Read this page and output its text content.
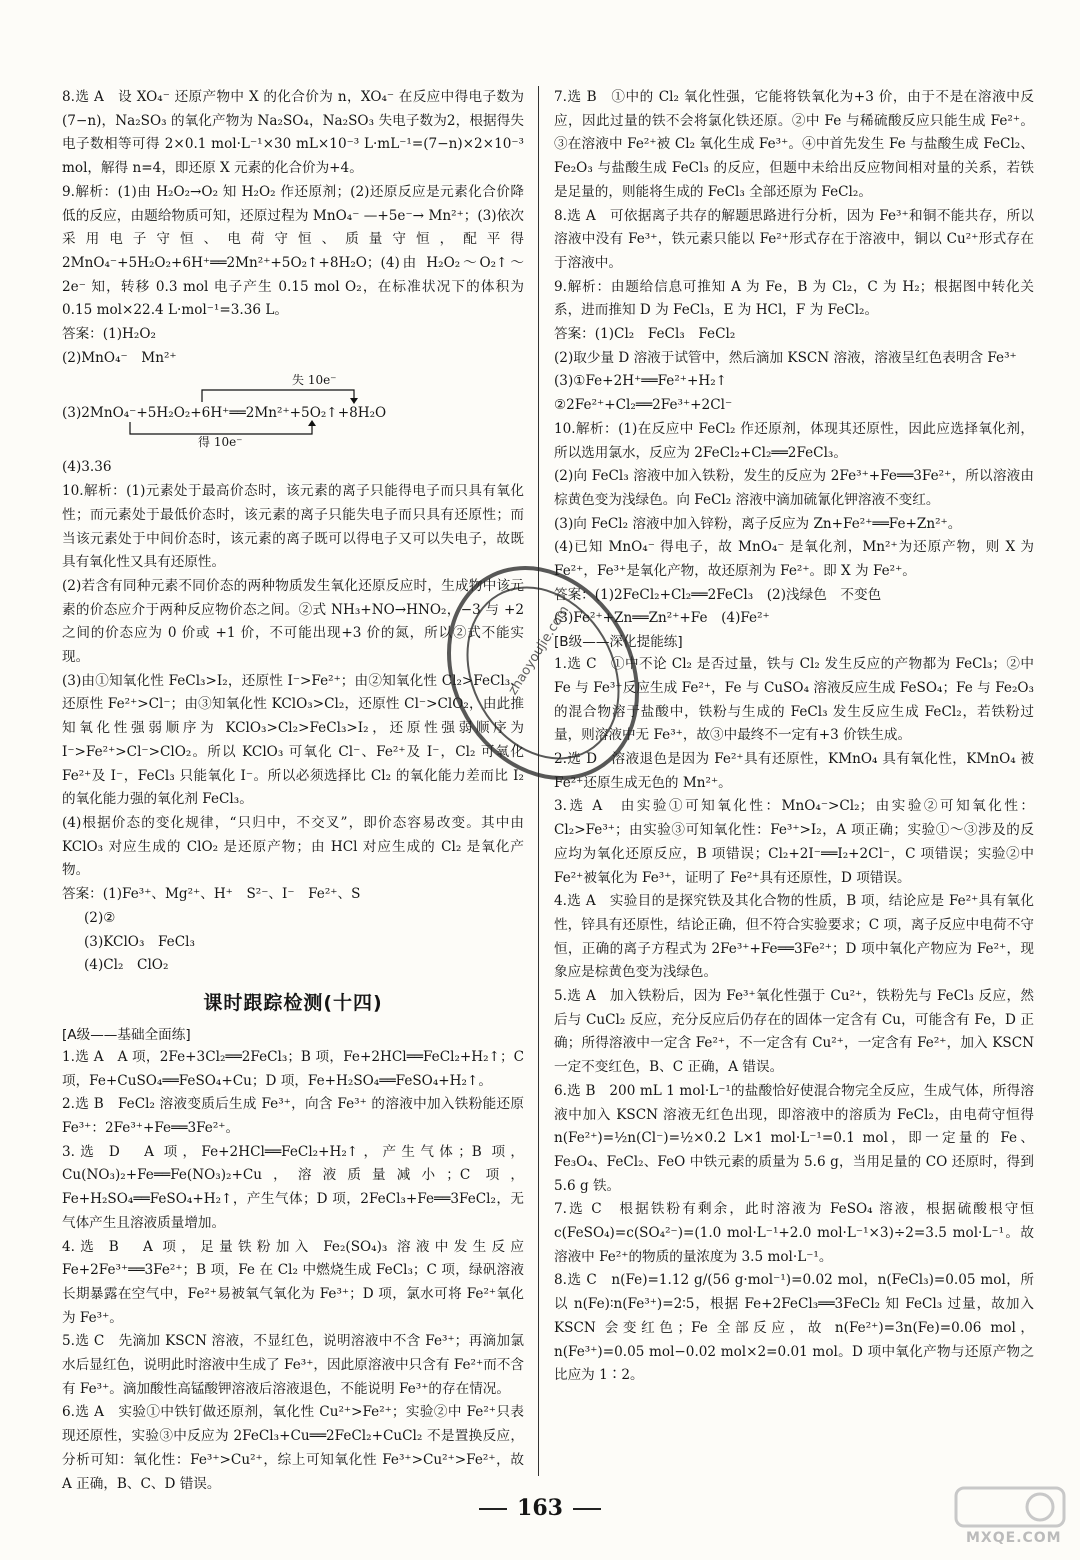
8.选 A　设 XO₄⁻ 还原产物中 X 的化合价为 n，XO₄⁻ 在反应中得电子数为(7−n)，Na₂SO₃ 的氧化产物为 Na₂SO₄，Na₂SO₃ 失电子数为2，根据得失电子数相等可得 2×0.1 mol·L⁻¹×30 mL×10⁻³ L·mL⁻¹=(7−n)×2×10⁻³ mol，解得 n=4，即还原 X 元素的化合价为+4。

9.解析：(1)由 H₂O₂→O₂ 知 H₂O₂ 作还原剂；(2)还原反应是元素化合价降低的反应，由题给物质可知，还原过程为 MnO₄⁻ —+5e⁻→ Mn²⁺；(3)依次采用电子守恒、电荷守恒、质量守恒，配平得 2MnO₄⁻+5H₂O₂+6H⁺══2Mn²⁺+5O₂↑+8H₂O；(4)由 H₂O₂～O₂↑～2e⁻ 知，转移 0.3 mol 电子产生 0.15 mol O₂，在标准状况下的体积为 0.15 mol×22.4 L·mol⁻¹=3.36 L。

答案：(1)H₂O₂

(2)MnO₄⁻　Mn²⁺

失 10e⁻
(3)2MnO₄⁻+5H₂O₂+6H⁺══2Mn²⁺+5O₂↑+8H₂O
得 10e⁻

(4)3.36

10.解析：(1)元素处于最高价态时，该元素的离子只能得电子而只具有氧化性；而元素处于最低价态时，该元素的离子只能失电子而只具有还原性；而当该元素处于中间价态时，该元素的离子既可以得电子又可以失电子，故既具有氧化性又具有还原性。

(2)若含有同种元素不同价态的两种物质发生氧化还原反应时，生成物中该元素的价态应介于两种反应物价态之间。②式 NH₃+NO→HNO₂，−3 与 +2 之间的价态应为 0 价或 +1 价，不可能出现+3 价的氮，所以②式不能实现。

(3)由①知氧化性 FeCl₃>I₂，还原性 I⁻>Fe²⁺；由②知氧化性 Cl₂>FeCl₃，还原性 Fe²⁺>Cl⁻；由③知氧化性 KClO₃>Cl₂，还原性 Cl⁻>ClO₂，由此推知氧化性强弱顺序为 KClO₃>Cl₂>FeCl₃>I₂，还原性强弱顺序为 I⁻>Fe²⁺>Cl⁻>ClO₂。所以 KClO₃ 可氧化 Cl⁻、Fe²⁺及 I⁻，Cl₂ 可氧化 Fe²⁺及 I⁻，FeCl₃ 只能氧化 I⁻。所以必须选择比 Cl₂ 的氧化能力差而比 I₂ 的氧化能力强的氧化剂 FeCl₃。

(4)根据价态的变化规律，“只归中，不交叉”，即价态容易改变。其中由 KClO₃ 对应生成的 ClO₂ 是还原产物；由 HCl 对应生成的 Cl₂ 是氧化产物。

答案：(1)Fe³⁺、Mg²⁺、H⁺　S²⁻、I⁻　Fe²⁺、S

(2)②

(3)KClO₃　FeCl₃

(4)Cl₂　ClO₂

课时跟踪检测(十四)

[A级——基础全面练]

1.选 A　A 项，2Fe+3Cl₂══2FeCl₃；B 项，Fe+2HCl══FeCl₂+H₂↑；C 项，Fe+CuSO₄══FeSO₄+Cu；D 项，Fe+H₂SO₄══FeSO₄+H₂↑。

2.选 B　FeCl₂ 溶液变质后生成 Fe³⁺，向含 Fe³⁺ 的溶液中加入铁粉能还原 Fe³⁺：2Fe³⁺+Fe══3Fe²⁺。

3.选 D　A 项，Fe+2HCl══FeCl₂+H₂↑，产生气体；B 项，Cu(NO₃)₂+Fe══Fe(NO₃)₂+Cu，溶液质量减小；C 项，Fe+H₂SO₄══FeSO₄+H₂↑，产生气体；D 项，2FeCl₃+Fe══3FeCl₂，无气体产生且溶液质量增加。

4.选 B　A 项，足量铁粉加入 Fe₂(SO₄)₃ 溶液中发生反应 Fe+2Fe³⁺══3Fe²⁺；B 项，Fe 在 Cl₂ 中燃烧生成 FeCl₃；C 项，绿矾溶液长期暴露在空气中，Fe²⁺易被氧气氧化为 Fe³⁺；D 项，氯水可将 Fe²⁺氧化为 Fe³⁺。

5.选 C　先滴加 KSCN 溶液，不显红色，说明溶液中不含 Fe³⁺；再滴加氯水后显红色，说明此时溶液中生成了 Fe³⁺，因此原溶液中只含有 Fe²⁺而不含有 Fe³⁺。滴加酸性高锰酸钾溶液后溶液退色，不能说明 Fe³⁺的存在情况。

6.选 A　实验①中铁钉做还原剂，氧化性 Cu²⁺>Fe²⁺；实验②中 Fe²⁺只表现还原性，实验③中反应为 2FeCl₃+Cu══2FeCl₂+CuCl₂ 不是置换反应，分析可知：氧化性：Fe³⁺>Cu²⁺，综上可知氧化性 Fe³⁺>Cu²⁺>Fe²⁺，故 A 正确，B、C、D 错误。

7.选 B　①中的 Cl₂ 氧化性强，它能将铁氧化为+3 价，由于不是在溶液中反应，因此过量的铁不会将氯化铁还原。②中 Fe 与稀硫酸反应只能生成 Fe²⁺。③在溶液中 Fe²⁺被 Cl₂ 氧化生成 Fe³⁺。④中首先发生 Fe 与盐酸生成 FeCl₂、Fe₂O₃ 与盐酸生成 FeCl₃ 的反应，但题中未给出反应物间相对量的关系，若铁是足量的，则能将生成的 FeCl₃ 全部还原为 FeCl₂。

8.选 A　可依据离子共存的解题思路进行分析，因为 Fe³⁺和铜不能共存，所以溶液中没有 Fe³⁺，铁元素只能以 Fe²⁺形式存在于溶液中，铜以 Cu²⁺形式存在于溶液中。

9.解析：由题给信息可推知 A 为 Fe，B 为 Cl₂，C 为 H₂；根据图中转化关系，进而推知 D 为 FeCl₃，E 为 HCl，F 为 FeCl₂。

答案：(1)Cl₂　FeCl₃　FeCl₂

(2)取少量 D 溶液于试管中，然后滴加 KSCN 溶液，溶液呈红色表明含 Fe³⁺

(3)①Fe+2H⁺══Fe²⁺+H₂↑

②2Fe²⁺+Cl₂══2Fe³⁺+2Cl⁻

10.解析：(1)在反应中 FeCl₂ 作还原剂，体现其还原性，因此应选择氧化剂，所以选用氯水，反应为 2FeCl₂+Cl₂══2FeCl₃。

(2)向 FeCl₃ 溶液中加入铁粉，发生的反应为 2Fe³⁺+Fe══3Fe²⁺，所以溶液由棕黄色变为浅绿色。向 FeCl₂ 溶液中滴加硫氰化钾溶液不变红。

(3)向 FeCl₂ 溶液中加入锌粉，离子反应为 Zn+Fe²⁺══Fe+Zn²⁺。

(4)已知 MnO₄⁻ 得电子，故 MnO₄⁻ 是氧化剂，Mn²⁺为还原产物，则 X 为 Fe²⁺，Fe³⁺是氧化产物，故还原剂为 Fe²⁺。即 X 为 Fe²⁺。

答案：(1)2FeCl₂+Cl₂══2FeCl₃　(2)浅绿色　不变色

(3)Fe²⁺+Zn══Zn²⁺+Fe　(4)Fe²⁺

[B级——深化提能练]

1.选 C　①中不论 Cl₂ 是否过量，铁与 Cl₂ 发生反应的产物都为 FeCl₃；②中 Fe 与 Fe³⁺反应生成 Fe²⁺，Fe 与 CuSO₄ 溶液反应生成 FeSO₄；Fe 与 Fe₂O₃ 的混合物溶于盐酸中，铁粉与生成的 FeCl₃ 发生反应生成 FeCl₂，若铁粉过量，则溶液中无 Fe³⁺，故③中最终不一定有+3 价铁生成。

2.选 D　溶液退色是因为 Fe²⁺具有还原性，KMnO₄ 具有氧化性，KMnO₄ 被 Fe²⁺还原生成无色的 Mn²⁺。

3.选 A　由实验①可知氧化性：MnO₄⁻>Cl₂；由实验②可知氧化性：Cl₂>Fe³⁺；由实验③可知氧化性：Fe³⁺>I₂，A 项正确；实验①～③涉及的反应均为氧化还原反应，B 项错误；Cl₂+2I⁻══I₂+2Cl⁻，C 项错误；实验②中 Fe²⁺被氧化为 Fe³⁺，证明了 Fe²⁺具有还原性，D 项错误。

4.选 A　实验目的是探究铁及其化合物的性质，B 项，结论应是 Fe²⁺具有氧化性，锌具有还原性，结论正确，但不符合实验要求；C 项，离子反应中电荷不守恒，正确的离子方程式为 2Fe³⁺+Fe══3Fe²⁺；D 项中氧化产物应为 Fe²⁺，现象应是棕黄色变为浅绿色。

5.选 A　加入铁粉后，因为 Fe³⁺氧化性强于 Cu²⁺，铁粉先与 FeCl₃ 反应，然后与 CuCl₂ 反应，充分反应后仍存在的固体一定含有 Cu，可能含有 Fe，D 正确；所得溶液中一定含 Fe²⁺，不一定含有 Cu²⁺，一定含有 Fe²⁺，加入 KSCN 一定不变红色，B、C 正确，A 错误。

6.选 B　200 mL 1 mol·L⁻¹的盐酸恰好使混合物完全反应，生成气体，所得溶液中加入 KSCN 溶液无红色出现，即溶液中的溶质为 FeCl₂，由电荷守恒得 n(Fe²⁺)=½n(Cl⁻)=½×0.2 L×1 mol·L⁻¹=0.1 mol，即一定量的 Fe、Fe₃O₄、FeCl₂、FeO 中铁元素的质量为 5.6 g，当用足量的 CO 还原时，得到 5.6 g 铁。

7.选 C　根据铁粉有剩余，此时溶液为 FeSO₄ 溶液，根据硫酸根守恒 c(FeSO₄)=c(SO₄²⁻)=(1.0 mol·L⁻¹+2.0 mol·L⁻¹×3)÷2=3.5 mol·L⁻¹。故溶液中 Fe²⁺的物质的量浓度为 3.5 mol·L⁻¹。

8.选 C　n(Fe)=1.12 g/(56 g·mol⁻¹)=0.02 mol，n(FeCl₃)=0.05 mol，所以 n(Fe)∶n(Fe³⁺)=2∶5，根据 Fe+2FeCl₃══3FeCl₂ 知 FeCl₃ 过量，故加入 KSCN 会变红色；Fe 全部反应，故 n(Fe²⁺)=3n(Fe)=0.06 mol，n(Fe³⁺)=0.05 mol−0.02 mol×2=0.01 mol。D 项中氧化产物与还原产物之比应为 1∶2。

163
zhaoyoujie.com
MXQE.COM
